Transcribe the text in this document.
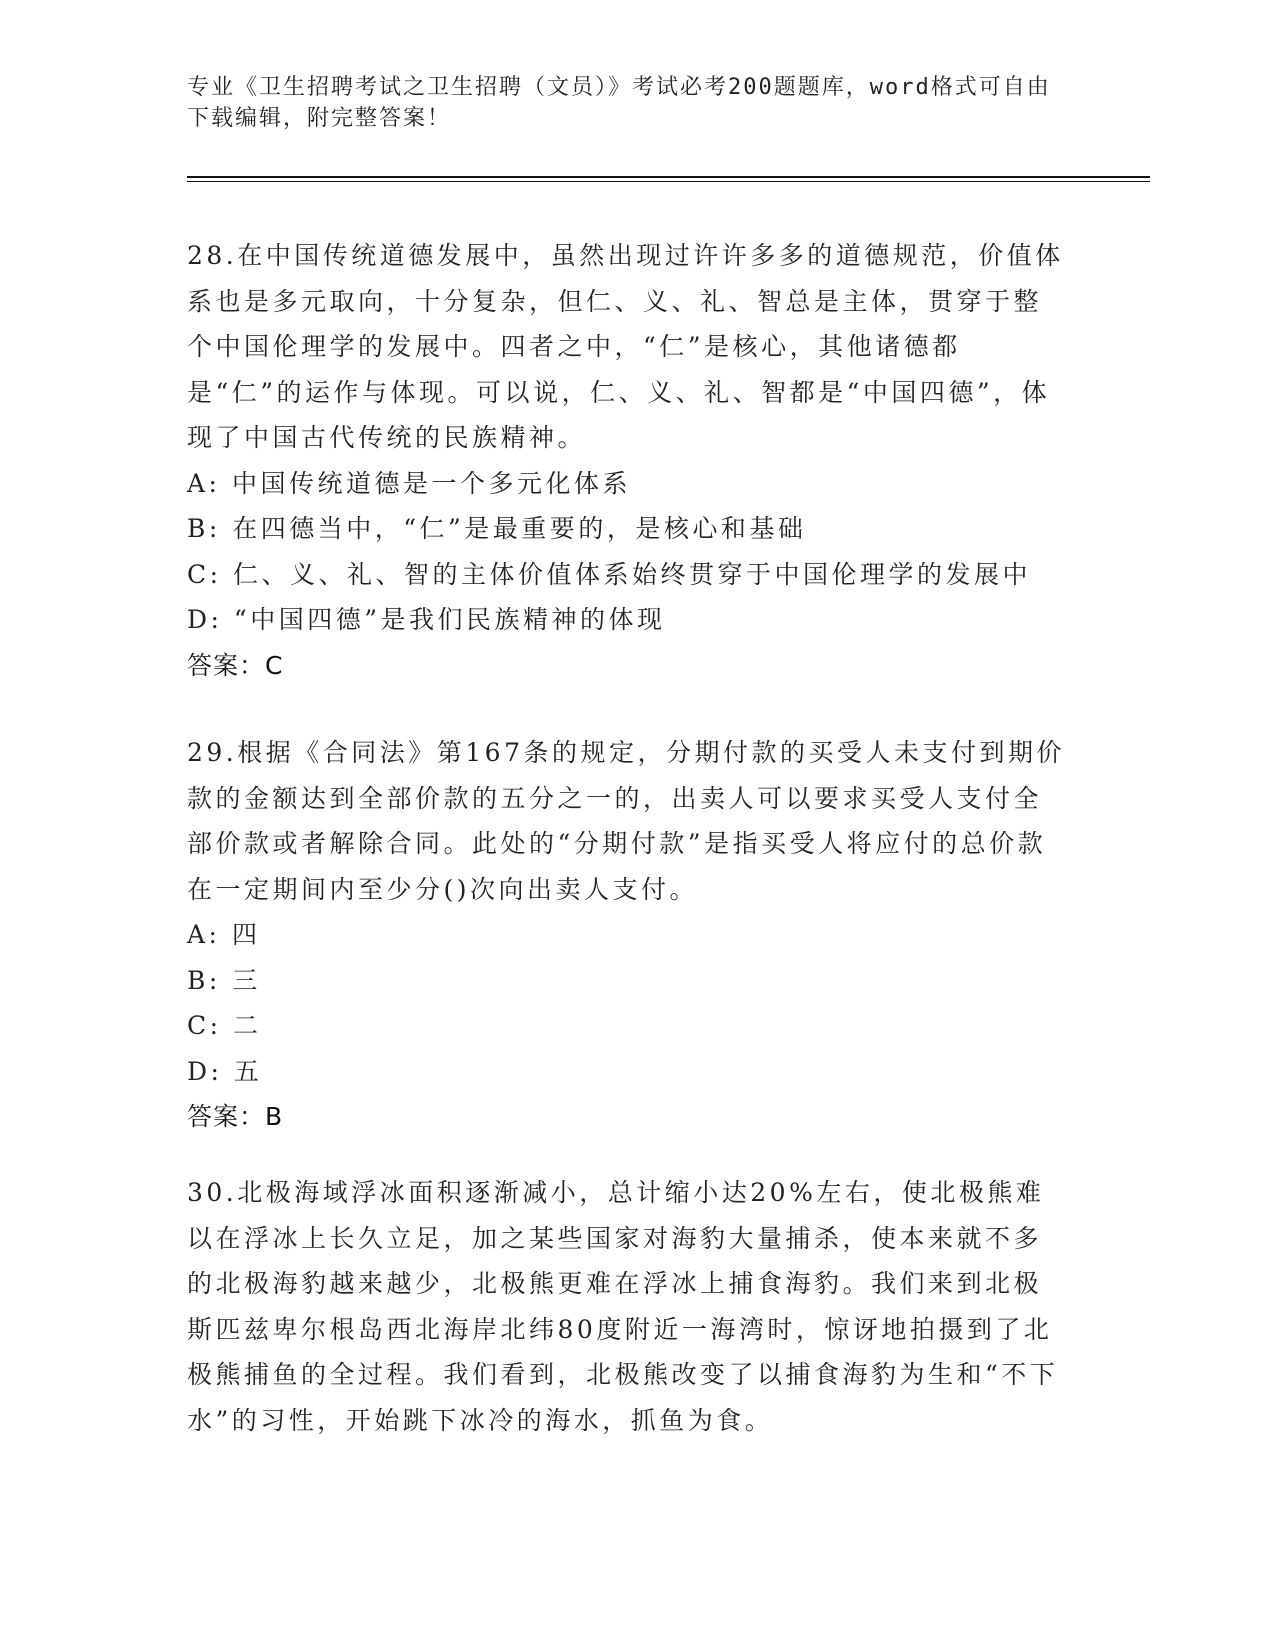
专业《卫生招聘考试之卫生招聘（文员）》考试必考200题题库，word格式可自由下载编辑，附完整答案！

28.在中国传统道德发展中，虽然出现过许许多多的道德规范，价值体系也是多元取向，十分复杂，但仁、义、礼、智总是主体，贯穿于整个中国伦理学的发展中。四者之中，“仁”是核心，其他诸德都是“仁”的运作与体现。可以说，仁、义、礼、智都是“中国四德”，体现了中国古代传统的民族精神。

A: 中国传统道德是一个多元化体系

B: 在四德当中，“仁”是最重要的，是核心和基础

C: 仁、义、礼、智的主体价值体系始终贯穿于中国伦理学的发展中

D: “中国四德”是我们民族精神的体现

答案：C

29.根据《合同法》第167条的规定，分期付款的买受人未支付到期价款的金额达到全部价款的五分之一的，出卖人可以要求买受人支付全部价款或者解除合同。此处的“分期付款”是指买受人将应付的总价款在一定期间内至少分()次向出卖人支付。

A: 四

B: 三

C: 二

D: 五

答案：B

30.北极海域浮冰面积逐渐减小，总计缩小达20%左右，使北极熊难以在浮冰上长久立足，加之某些国家对海豹大量捕杀，使本来就不多的北极海豹越来越少，北极熊更难在浮冰上捕食海豹。我们来到北极斯匹兹卑尔根岛西北海岸北纬80度附近一海湾时，惊讶地拍摄到了北极熊捕鱼的全过程。我们看到，北极熊改变了以捕食海豹为生和“不下水”的习性，开始跳下冰冷的海水，抓鱼为食。
